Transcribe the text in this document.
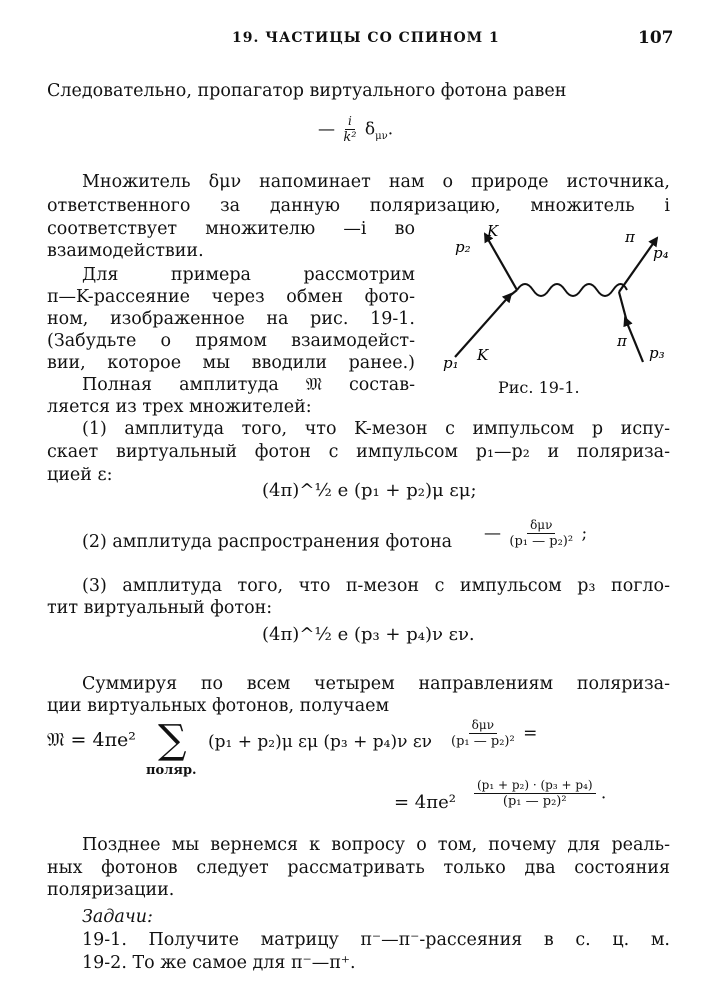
19. ЧАСТИЦЫ СО СПИНОМ 1	107
Следовательно, пропагатор виртуального фотона равен
— $\frac{i}{\text{k²}} \delta_{\mu\nu}$.
Множитель δμν напоминает нам о природе источника,
ответственного за данную поляризацию, множитель i
соответствует множителю —i во
взаимодействии.
Для примера рассмотрим
π—K-рассеяние через обмен фото-
ном, изображенное на рис. 19-1.
(Забудьте о прямом взаимодейст-
вии, которое мы вводили ранее.)
Полная амплитуда 𝔐 состав-
ляется из трех множителей:
p₂
K	π
p₄
π
p₃
p₁ K
Рис. 19-1.
(1) амплитуда того, что K-мезон с импульсом p испу-
скает виртуальный фотон с импульсом p₁—p₂ и поляриза-
цией ε:
(4π)^½ e (p₁ + p₂)μ εμ;
(2) амплитуда распространения фотона — $\frac{\text{δμν}}{\text{(p₁ — p₂)²}}$ ;
(3) амплитуда того, что π-мезон с импульсом p₃ погло-
тит виртуальный фотон:
(4π)^½ e (p₃ + p₄)ν εν.
Суммируя по всем четырем направлениям поляриза-
ции виртуальных фотонов, получаем
𝔐 = 4πe² ∑
поляр.
(p₁ + p₂)μ εμ (p₃ + p₄)ν εν $\frac{\text{δμν}}{\text{(p₁ — p₂)²}}$ =
= $4\pi e^2 \frac{\text{(p₁ + p₂) · (p₃ + p₄)}}{\text{(p₁ — p₂)²}}$ .
Позднее мы вернемся к вопросу о том, почему для реаль-
ных фотонов следует рассматривать только два состояния
поляризации.
Задачи:
19-1. Получите матрицу π⁻—π⁻-рассеяния в с. ц. м.
19-2. То же самое для π⁻—π⁺.
